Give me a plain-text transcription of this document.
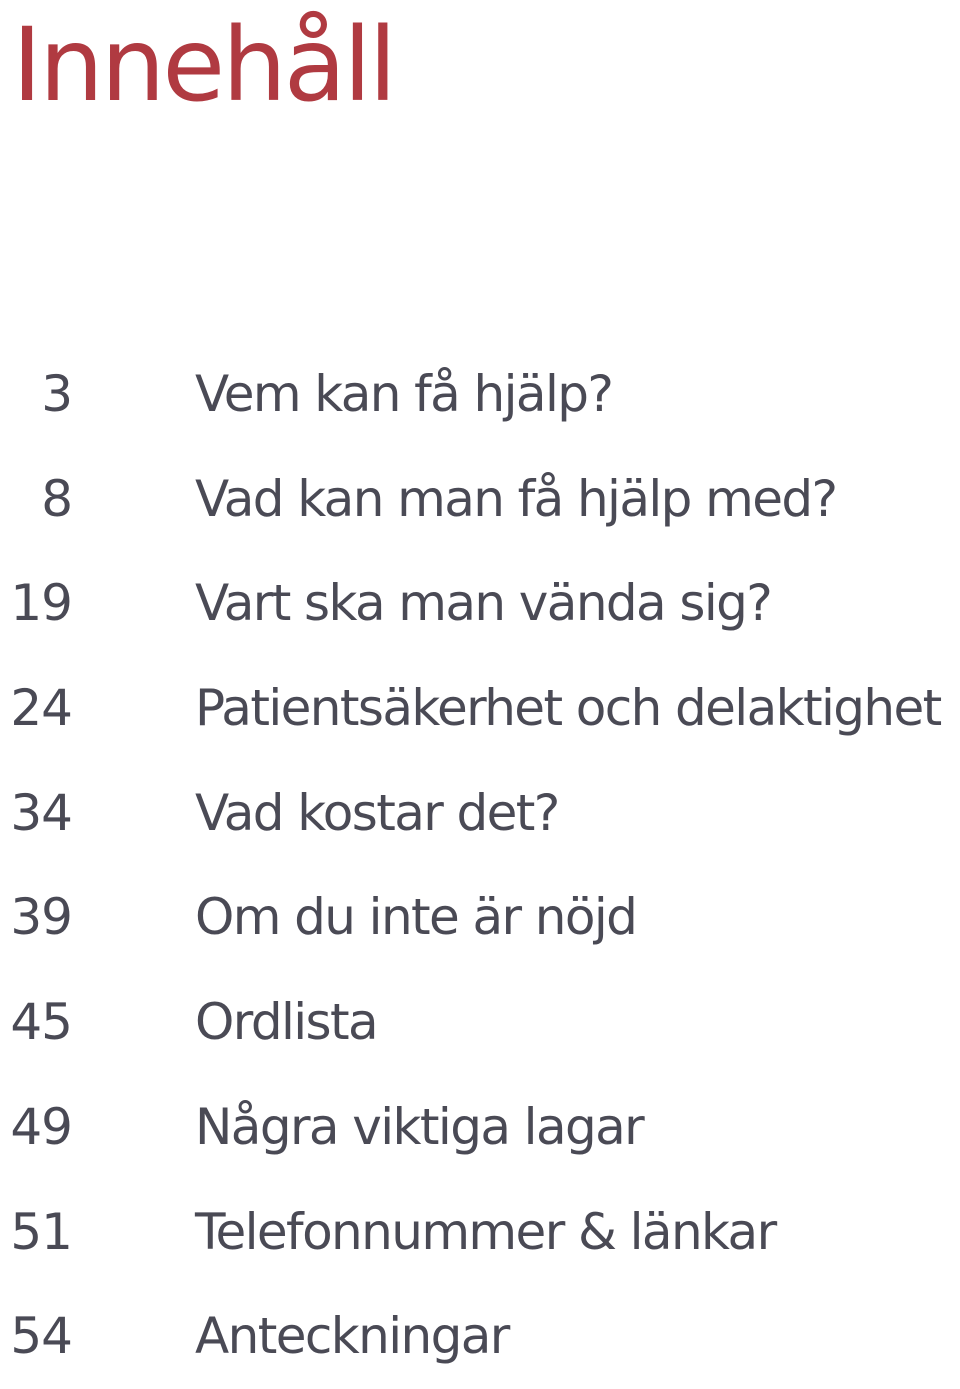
Innehåll
3 Vem kan få hjälp?
8 Vad kan man få hjälp med?
19 Vart ska man vända sig?
24 Patientsäkerhet och delaktighet
34 Vad kostar det?
39 Om du inte är nöjd
45 Ordlista
49 Några viktiga lagar
51 Telefonnummer & länkar
54 Anteckningar
